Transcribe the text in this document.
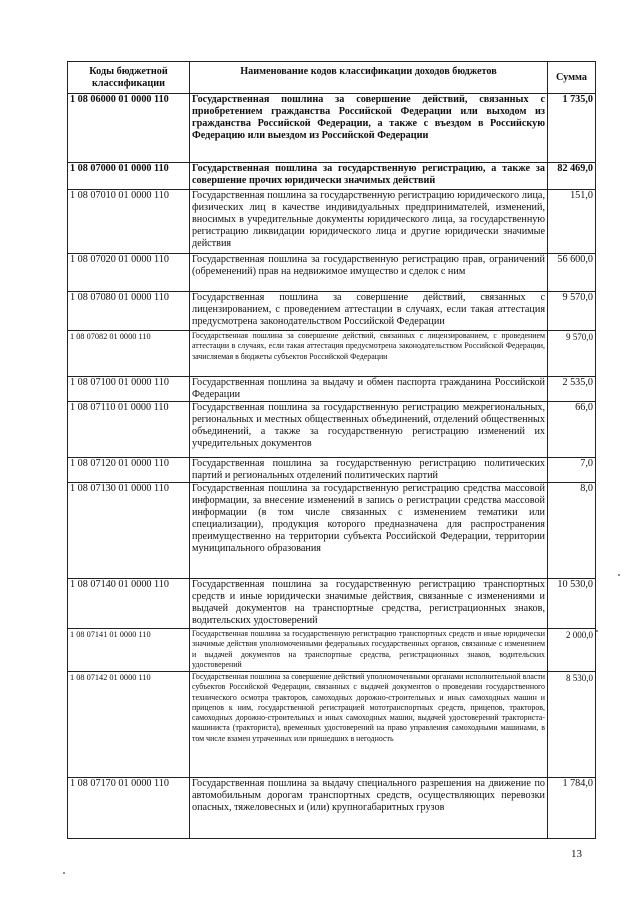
Коды бюджетной классификации	Наименование кодов классификации доходов бюджетов	Сумма
1 08 06000 01 0000 110	Государственная пошлина за совершение действий, связанных с приобретением гражданства Российской Федерации или выходом из гражданства Российской Федерации, а также с въездом в Российскую Федерацию или выездом из Российской Федерации	1 735,0
1 08 07000 01 0000 110	Государственная пошлина за государственную регистрацию, а также за совершение прочих юридически значимых действий	82 469,0
1 08 07010 01 0000 110	Государственная пошлина за государственную регистрацию юридического лица, физических лиц в качестве индивидуальных предпринимателей, изменений, вносимых в учредительные документы юридического лица, за государственную регистрацию ликвидации юридического лица и другие юридически значимые действия	151,0
1 08 07020 01 0000 110	Государственная пошлина за государственную регистрацию прав, ограничений (обременений) прав на недвижимое имущество и сделок с ним	56 600,0
1 08 07080 01 0000 110	Государственная пошлина за совершение действий, связанных с лицензированием, с проведением аттестации в случаях, если такая аттестация предусмотрена законодательством Российской Федерации	9 570,0
1 08 07082 01 0000 110	Государственная пошлина за совершение действий, связанных с лицензированием, с проведением аттестации в случаях, если такая аттестация предусмотрена законодательством Российской Федерации, зачисляемая в бюджеты субъектов Российской Федерации	9 570,0
1 08 07100 01 0000 110	Государственная пошлина за выдачу и обмен паспорта гражданина Российской Федерации	2 535,0
1 08 07110 01 0000 110	Государственная пошлина за государственную регистрацию межрегиональных, региональных и местных общественных объединений, отделений общественных объединений, а также за государственную регистрацию изменений их учредительных документов	66,0
1 08 07120 01 0000 110	Государственная пошлина за государственную регистрацию политических партий и региональных отделений политических партий	7,0
1 08 07130 01 0000 110	Государственная пошлина за государственную регистрацию средства массовой информации, за внесение изменений в запись о регистрации средства массовой информации (в том числе связанных с изменением тематики или специализации), продукция которого предназначена для распространения преимущественно на территории субъекта Российской Федерации, территории муниципального образования	8,0
1 08 07140 01 0000 110	Государственная пошлина за государственную регистрацию транспортных средств и иные юридически значимые действия, связанные с изменениями и выдачей документов на транспортные средства, регистрационных знаков, водительских удостоверений	10 530,0
1 08 07141 01 0000 110	Государственная пошлина за государственную регистрацию транспортных средств и иные юридически значимые действия уполномоченными федеральных государственных органов, связанные с изменением и выдачей документов на транспортные средства, регистрационных знаков, водительских удостоверений	2 000,0
1 08 07142 01 0000 110	Государственная пошлина за совершение действий уполномоченными органами исполнительной власти субъектов Российской Федерации, связанных с выдачей документов о проведении государственного технического осмотра тракторов, самоходных дорожно-строительных и иных самоходных машин и прицепов к ним, государственной регистрацией мототранспортных средств, прицепов, тракторов, самоходных дорожно-строительных и иных самоходных машин, выдачей удостоверений тракториста-машиниста (тракториста), временных удостоверений на право управления самоходными машинами, в том числе взамен утраченных или пришедших в негодность	8 530,0
1 08 07170 01 0000 110	Государственная пошлина за выдачу специального разрешения на движение по автомобильным дорогам транспортных средств, осуществляющих перевозки опасных, тяжеловесных и (или) крупногабаритных грузов	1 784,0
13
